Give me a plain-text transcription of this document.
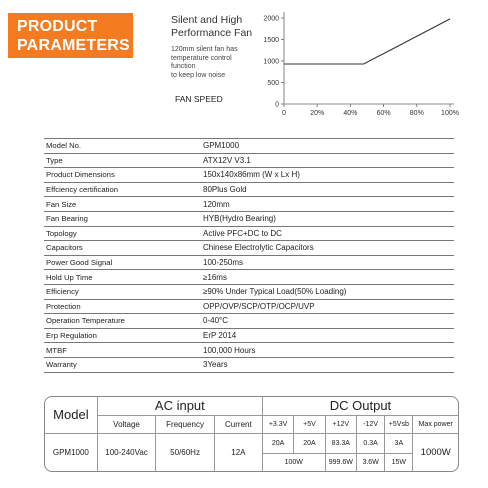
PRODUCT
PARAMETERS
Silent and High
Performance Fan
120mm silent fan has
temperature control
function
to keep low noise
FAN SPEED
0
500
1000
1500
2000
0	20%	40%	60%	80% 100%
Model No.	GPM1000
Type	ATX12V V3.1
Product Dimensions	150x140x86mm (W x Lx H)
Effciency certification	80Plus Gold
Fan Size	120mm
Fan Bearing	HYB(Hydro Bearing)
Topology	Active PFC+DC to DC
Capacitors	Chinese Electrolytic Capacitors
Power Good Signal	100-250ms
Hold Up Time	≥16ms
Efficiency	≥90% Under Typical Load(50% Loading)
Protection	OPP/OVP/SCP/OTP/OCP/UVP
Operation Temperature	0-40°C
Erp Regulation	ErP 2014
MTBF	100,000 Hours
Warranty	3Years
Model	AC input			DC Output					
	Voltage	Frequency	Current	+3.3V	+5V	+12V	-12V	+5Vsb	Max power
GPM1000	100-240Vac	50/60Hz	12A	20A	20A	83.3A	0.3A	3A	1000W
				100W		999.6W	3.6W	15W	
